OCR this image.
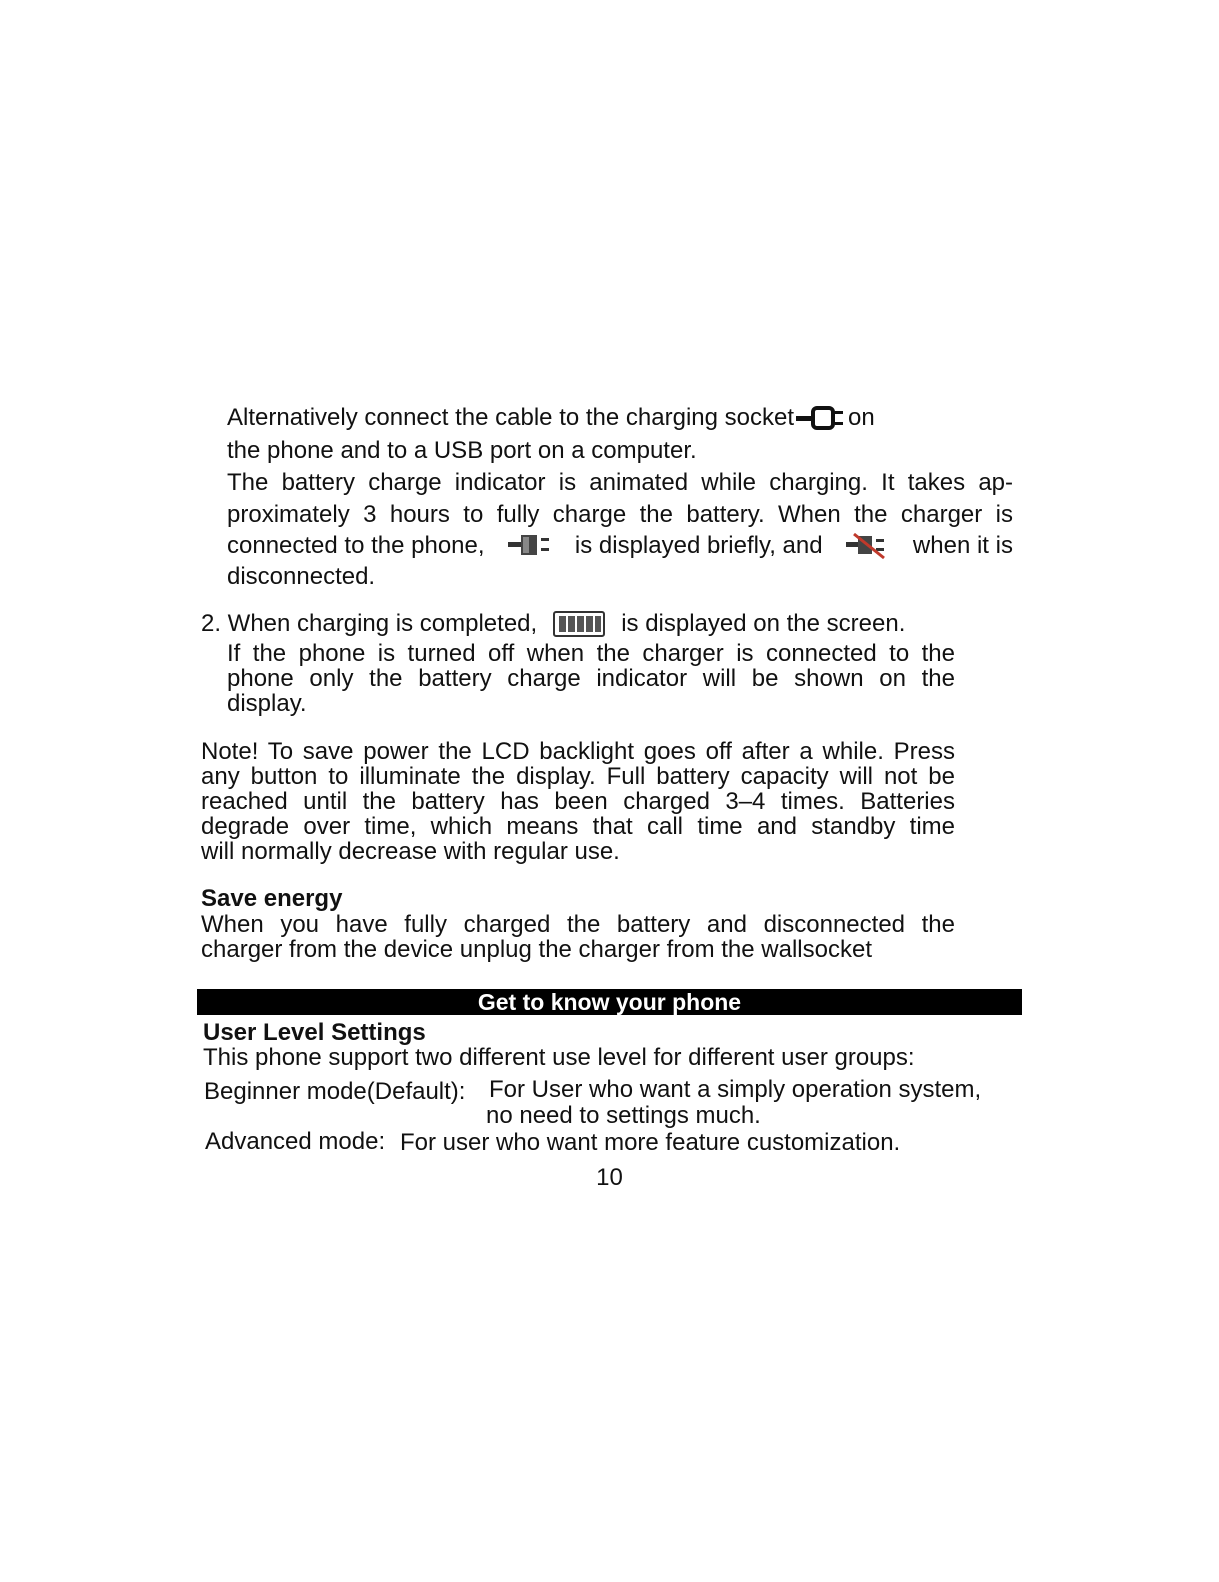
Alternatively connect the cable to the charging socket on
the phone and to a USB port on a computer.
The battery charge indicator is animated while charging. It takes ap-
proximately 3 hours to fully charge the battery. When the charger is
connected to the phone,	is displayed briefly, and	when it is
disconnected.
2. When charging is completed,	is displayed on the screen.
If the phone is turned off when the charger is connected to the
phone only the battery charge indicator will be shown on the
display.
Note! To save power the LCD backlight goes off after a while. Press
any button to illuminate the display. Full battery capacity will not be
reached until the battery has been charged 3–4 times. Batteries
degrade over time, which means that call time and standby time
will normally decrease with regular use.
Save energy
When you have fully charged the battery and disconnected the
charger from the device unplug the charger from the wallsocket
Get to know your phone
User Level Settings
This phone support two different use level for different user groups:
Beginner mode(Default): For User who want a simply operation system,
no need to settings much.
Advanced mode: For user who want more feature customization.
10
